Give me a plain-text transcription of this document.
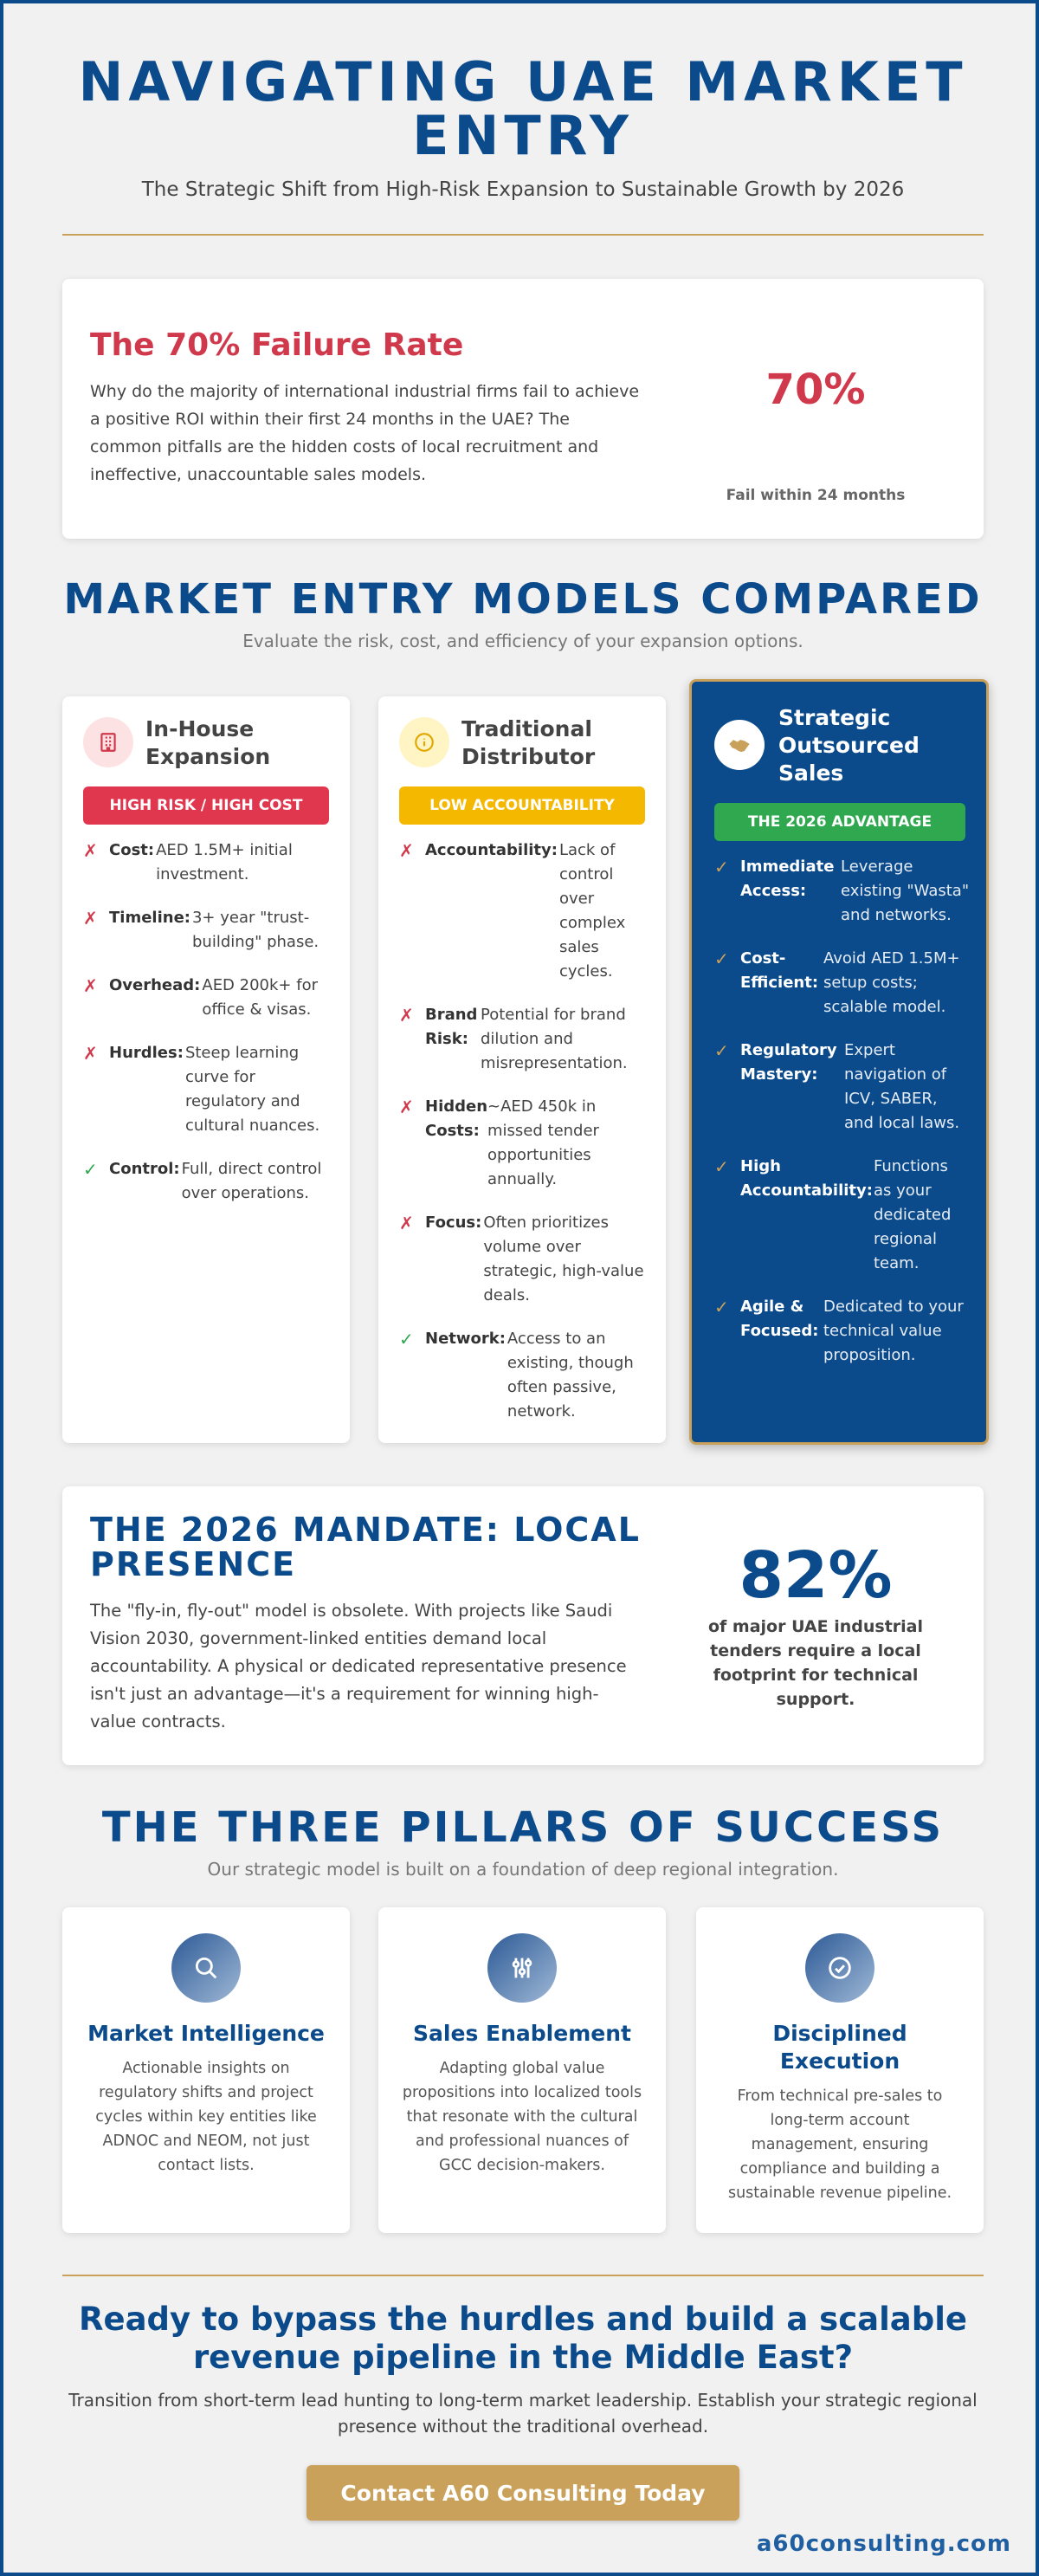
NAVIGATING UAE MARKET ENTRY
The Strategic Shift from High-Risk Expansion to Sustainable Growth by 2026
The 70% Failure Rate
Why do the majority of international industrial firms fail to achieve a positive ROI within their first 24 months in the UAE? The common pitfalls are the hidden costs of local recruitment and ineffective, unaccountable sales models.
70%
Fail within 24 months
MARKET ENTRY MODELS COMPARED
Evaluate the risk, cost, and efficiency of your expansion options.
In-House Expansion
HIGH RISK / HIGH COST
✗ Cost: AED 1.5M+ initial investment.
✗ Timeline: 3+ year "trust-building" phase.
✗ Overhead: AED 200k+ for office & visas.
✗ Hurdles: Steep learning curve for regulatory and cultural nuances.
✓ Control: Full, direct control over operations.
Traditional Distributor
LOW ACCOUNTABILITY
✗ Accountability: Lack of control over complex sales cycles.
✗ Brand Risk:
Potential for brand dilution and misrepresentation.
✗ Hidden Costs:
~AED 450k in missed tender opportunities annually.
✗ Focus: Often prioritizes volume over strategic, high-value deals.
✓ Network: Access to an existing, though often passive, network.
Strategic Outsourced Sales
THE 2026 ADVANTAGE
✓ Immediate Access:
Leverage existing "Wasta" and networks.
✓ Cost-Efficient:
Avoid AED 1.5M+ setup costs; scalable model.
✓ Regulatory Mastery:
Expert navigation of ICV, SABER, and local laws.
✓ High Accountability:
Functions as your dedicated regional team.
✓ Agile & Focused:
Dedicated to your technical value proposition.
THE 2026 MANDATE: LOCAL PRESENCE
The "fly-in, fly-out" model is obsolete. With projects like Saudi Vision 2030, government-linked entities demand local accountability. A physical or dedicated representative presence isn't just an advantage—it's a requirement for winning high-value contracts.
82%
of major UAE industrial tenders require a local footprint for technical support.
THE THREE PILLARS OF SUCCESS
Our strategic model is built on a foundation of deep regional integration.
Market Intelligence
Actionable insights on regulatory shifts and project cycles within key entities like ADNOC and NEOM, not just contact lists.
Sales Enablement
Adapting global value propositions into localized tools that resonate with the cultural and professional nuances of GCC decision-makers.
Disciplined Execution
From technical pre-sales to long-term account management, ensuring compliance and building a sustainable revenue pipeline.
Ready to bypass the hurdles and build a scalable revenue pipeline in the Middle East?
Transition from short-term lead hunting to long-term market leadership. Establish your strategic regional presence without the traditional overhead.
Contact A60 Consulting Today
a60consulting.com
